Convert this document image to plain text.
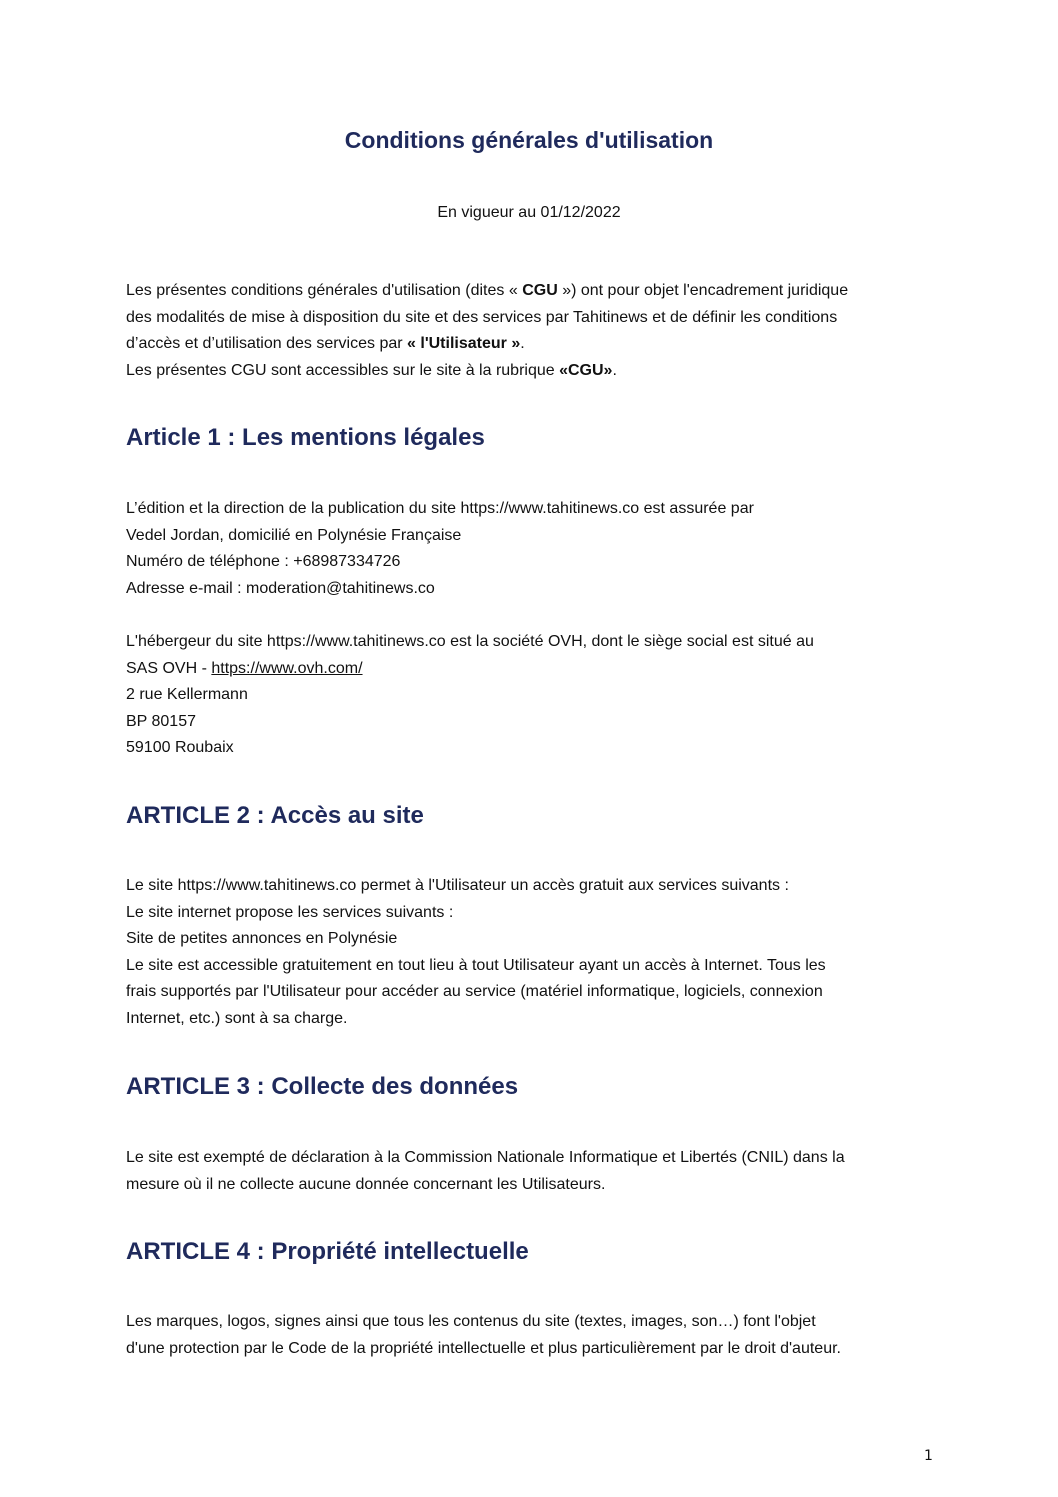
Conditions générales d'utilisation

En vigueur au 01/12/2022

Les présentes conditions générales d'utilisation (dites « CGU ») ont pour objet l'encadrement juridique
des modalités de mise à disposition du site et des services par Tahitinews et de définir les conditions
d’accès et d’utilisation des services par « l'Utilisateur ».
Les présentes CGU sont accessibles sur le site à la rubrique «CGU».
Article 1 : Les mentions légales
L’édition et la direction de la publication du site https://www.tahitinews.co est assurée par
Vedel Jordan, domicilié en Polynésie Française
Numéro de téléphone : +68987334726
Adresse e-mail : moderation@tahitinews.co
L'hébergeur du site https://www.tahitinews.co est la société OVH, dont le siège social est situé au
SAS OVH - https://www.ovh.com/
2 rue Kellermann
BP 80157
59100 Roubaix
ARTICLE 2 : Accès au site
Le site https://www.tahitinews.co permet à l'Utilisateur un accès gratuit aux services suivants :
Le site internet propose les services suivants :
Site de petites annonces en Polynésie
Le site est accessible gratuitement en tout lieu à tout Utilisateur ayant un accès à Internet. Tous les
frais supportés par l'Utilisateur pour accéder au service (matériel informatique, logiciels, connexion
Internet, etc.) sont à sa charge.
ARTICLE 3 : Collecte des données
Le site est exempté de déclaration à la Commission Nationale Informatique et Libertés (CNIL) dans la
mesure où il ne collecte aucune donnée concernant les Utilisateurs.
ARTICLE 4 : Propriété intellectuelle
Les marques, logos, signes ainsi que tous les contenus du site (textes, images, son…) font l'objet
d'une protection par le Code de la propriété intellectuelle et plus particulièrement par le droit d'auteur.
1
